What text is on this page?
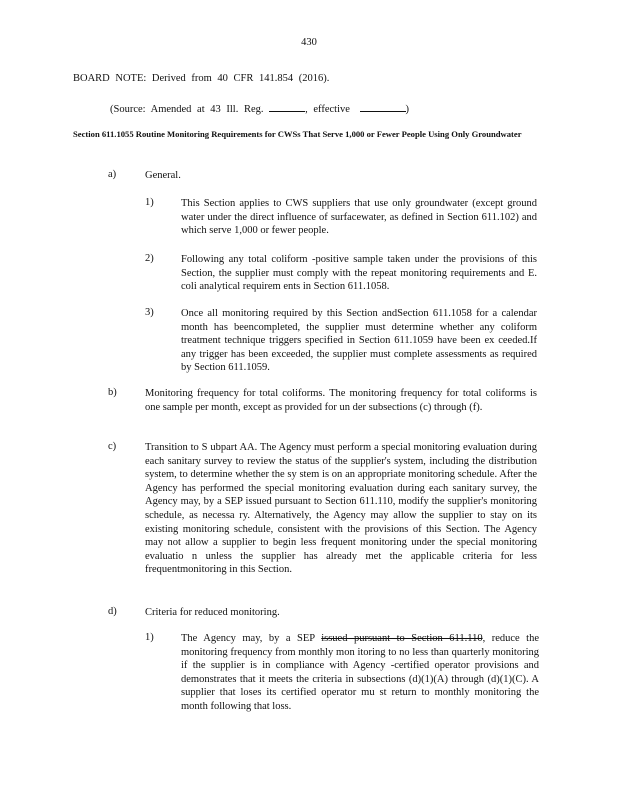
430
BOARD NOTE: Derived from 40 CFR 141.854 (2016).
(Source: Amended at 43 Ill. Reg.	, effective	)
Section 611.1055 Routine Monitoring Requirements for CWSs That Serve 1,000 or Fewer People Using Only Groundwater
a)	General.
1)	This Section applies to CWS suppliers that use only groundwater (except ground water under the direct influence of surfacewater, as defined in Section 611.102) and which serve 1,000 or fewer people.
2)	Following any total coliform -positive sample taken under the provisions of this Section, the supplier must comply with the repeat monitoring requirements and E. coli analytical requirem ents in Section 611.1058.
3)	Once all monitoring required by this Section andSection 611.1058 for a calendar month has beencompleted, the supplier must determine whether any coliform treatment technique triggers specified in Section 611.1059 have been ex ceeded.If any trigger has been exceeded, the supplier must complete assessments as required by Section 611.1059.
b)	Monitoring frequency for total coliforms. The monitoring frequency for total coliforms is one sample per month, except as provided for un der subsections (c) through (f).
c)	Transition to S ubpart AA. The Agency must perform a special monitoring evaluation during each sanitary survey to review the status of the supplier's system, including the distribution system, to determine whether the sy stem is on an appropriate monitoring schedule. After the Agency has performed the special monitoring evaluation during each sanitary survey, the Agency may, by a SEP issued pursuant to Section 611.110, modify the supplier's monitoring schedule, as necessa ry. Alternatively, the Agency may allow the supplier to stay on its existing monitoring schedule, consistent with the provisions of this Section. The Agency may not allow a supplier to begin less frequent monitoring under the special monitoring evaluatio n unless the supplier has already met the applicable criteria for less frequentmonitoring in this Section.
d)	Criteria for reduced monitoring.
1)	The Agency may, by a SEP issued pursuant to Section 611.110, reduce the monitoring frequency from monthly mon itoring to no less than quarterly monitoring if the supplier is in compliance with Agency -certified operator provisions and demonstrates that it meets the criteria in subsections (d)(1)(A) through (d)(1)(C). A supplier that loses its certified operator mu st return to monthly monitoring the month following that loss.
